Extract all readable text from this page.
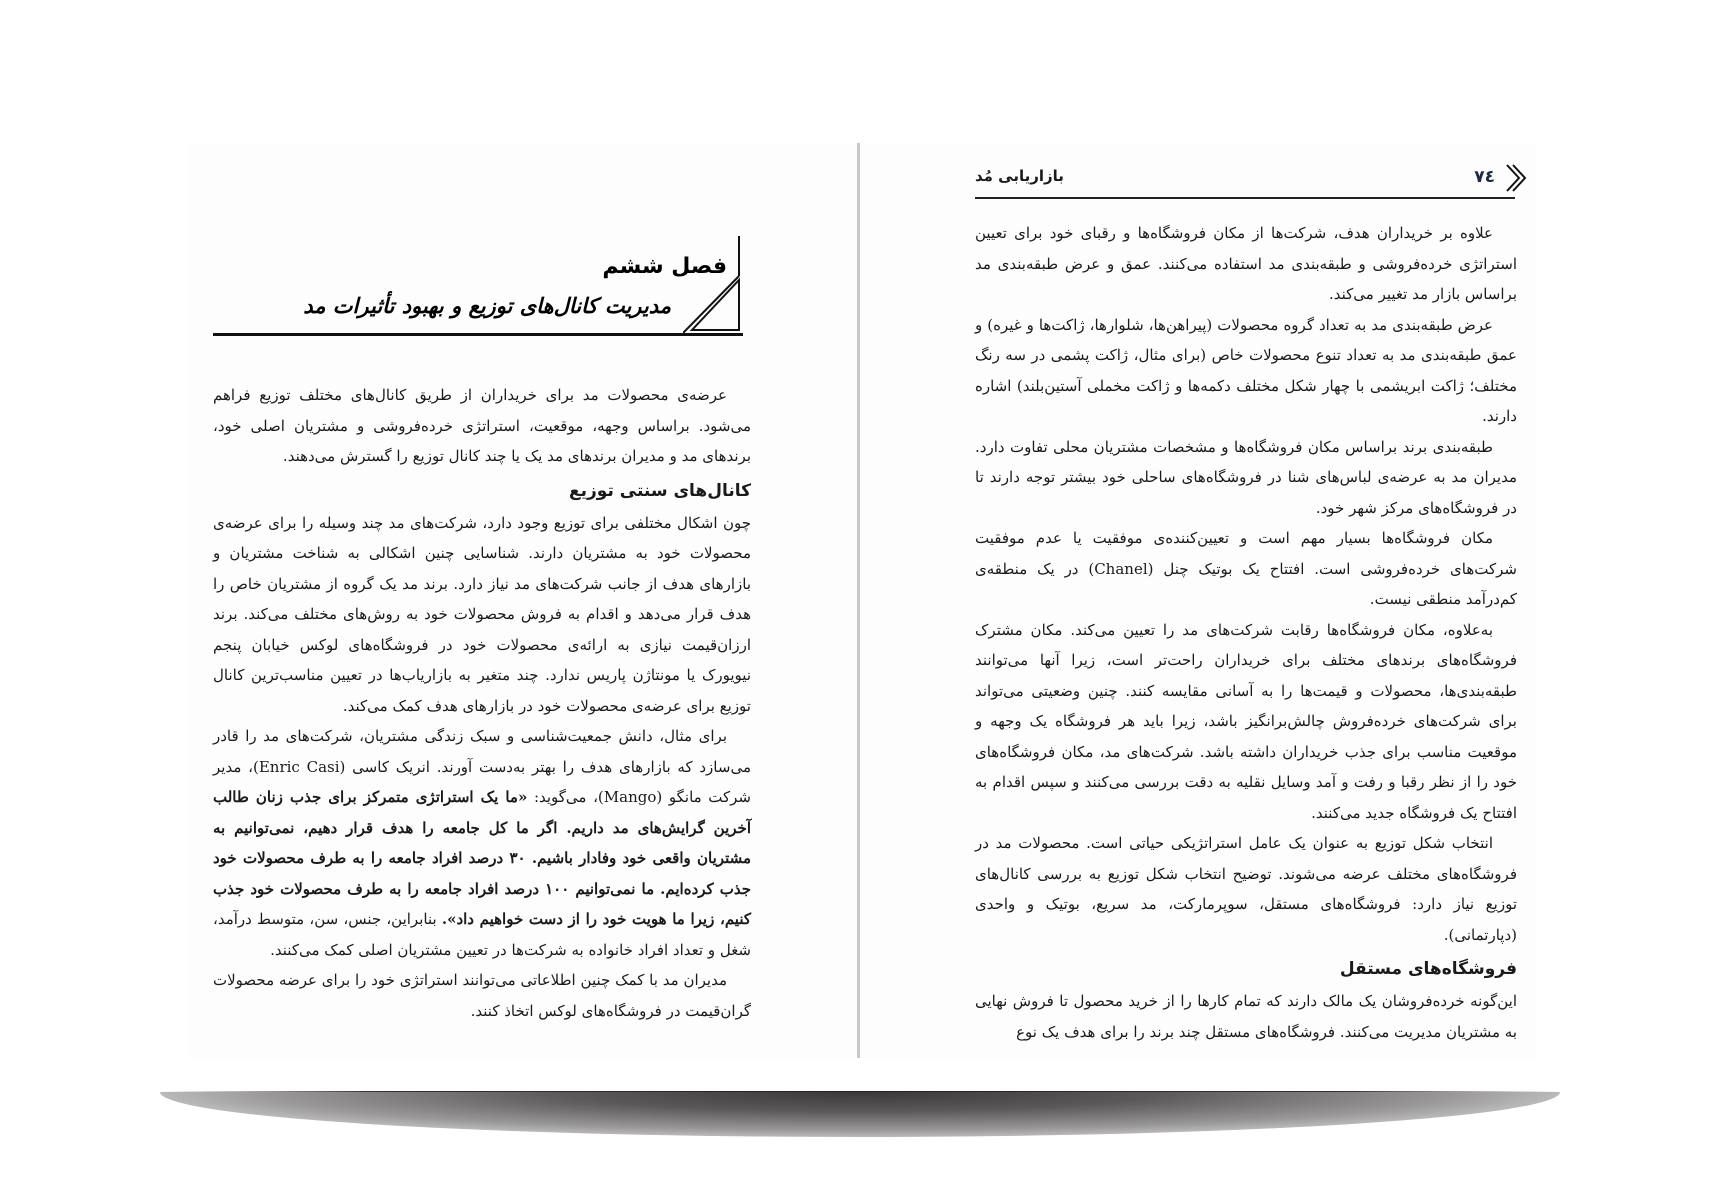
بازاریابی مُد	۷٤
فصل ششم
مدیریت کانال‌های توزیع و بهبود تأثیرات مد

عرضه‌ی محصولات مد برای خریداران از طریق کانال‌های مختلف توزیع فراهم می‌شود. براساس وجهه، موقعیت، استراتژی خرده‌فروشی و مشتریان اصلی خود، برندهای مد و مدیران برندهای مد یک یا چند کانال توزیع را گسترش می‌دهند.

کانال‌های سنتی توزیع

چون اشکال مختلفی برای توزیع وجود دارد، شرکت‌های مد چند وسیله را برای عرضه‌ی محصولات خود به مشتریان دارند. شناسایی چنین اشکالی به شناخت مشتریان و بازارهای هدف از جانب شرکت‌های مد نیاز دارد. برند مد یک گروه از مشتریان خاص را هدف قرار می‌دهد و اقدام به فروش محصولات خود به روش‌های مختلف می‌کند. برند ارزان‌قیمت نیازی به ارائه‌ی محصولات خود در فروشگاه‌های لوکس خیابان پنجم نیویورک یا مونتاژن پاریس ندارد. چند متغیر به بازاریاب‌ها در تعیین مناسب‌ترین کانال توزیع برای عرضه‌ی محصولات خود در بازارهای هدف کمک می‌کند.

برای مثال، دانش جمعیت‌شناسی و سبک زندگی مشتریان، شرکت‌های مد را قادر می‌سازد که بازارهای هدف را بهتر به‌دست آورند. انریک کاسی (Enric Casi)، مدیر شرکت مانگو (Mango)، می‌گوید: «ما یک استراتژی متمرکز برای جذب زنان طالب آخرین گرایش‌های مد داریم. اگر ما کل جامعه را هدف قرار دهیم، نمی‌توانیم به مشتریان واقعی خود وفادار باشیم. ۳۰ درصد افراد جامعه را به طرف محصولات خود جذب کرده‌ایم. ما نمی‌توانیم ۱۰۰ درصد افراد جامعه را به طرف محصولات خود جذب کنیم، زیرا ما هویت خود را از دست خواهیم داد». بنابراین، جنس، سن، متوسط درآمد، شغل و تعداد افراد خانواده به شرکت‌ها در تعیین مشتریان اصلی کمک می‌کنند.

مدیران مد با کمک چنین اطلاعاتی می‌توانند استراتژی خود را برای عرضه محصولات گران‌قیمت در فروشگاه‌های لوکس اتخاذ کنند.

علاوه بر خریداران هدف، شرکت‌ها از مکان فروشگاه‌ها و رقبای خود برای تعیین استراتژی خرده‌فروشی و طبقه‌بندی مد استفاده می‌کنند. عمق و عرض طبقه‌بندی مد براساس بازار مد تغییر می‌کند.

عرض طبقه‌بندی مد به تعداد گروه محصولات (پیراهن‌ها، شلوارها، ژاکت‌ها و غیره) و عمق طبقه‌بندی مد به تعداد تنوع محصولات خاص (برای مثال، ژاکت پشمی در سه رنگ مختلف؛ ژاکت ابریشمی با چهار شکل مختلف دکمه‌ها و ژاکت مخملی آستین‌بلند) اشاره دارند.

طبقه‌بندی برند براساس مکان فروشگاه‌ها و مشخصات مشتریان محلی تفاوت دارد. مدیران مد به عرضه‌ی لباس‌های شنا در فروشگاه‌های ساحلی خود بیشتر توجه دارند تا در فروشگاه‌های مرکز شهر خود.

مکان فروشگاه‌ها بسیار مهم است و تعیین‌کننده‌ی موفقیت یا عدم موفقیت شرکت‌های خرده‌فروشی است. افتتاح یک بوتیک چنل (Chanel) در یک منطقه‌ی کم‌درآمد منطقی نیست.

به‌علاوه، مکان فروشگاه‌ها رقابت شرکت‌های مد را تعیین می‌کند. مکان مشترک فروشگاه‌های برندهای مختلف برای خریداران راحت‌تر است، زیرا آنها می‌توانند طبقه‌بندی‌ها، محصولات و قیمت‌ها را به آسانی مقایسه کنند. چنین وضعیتی می‌تواند برای شرکت‌های خرده‌فروش چالش‌برانگیز باشد، زیرا باید هر فروشگاه یک وجهه و موقعیت مناسب برای جذب خریداران داشته باشد. شرکت‌های مد، مکان فروشگاه‌های خود را از نظر رقبا و رفت و آمد وسایل نقلیه به دقت بررسی می‌کنند و سپس اقدام به افتتاح یک فروشگاه جدید می‌کنند.

انتخاب شکل توزیع به عنوان یک عامل استراتژیکی حیاتی است. محصولات مد در فروشگاه‌های مختلف عرضه می‌شوند. توضیح انتخاب شکل توزیع به بررسی کانال‌های توزیع نیاز دارد: فروشگاه‌های مستقل، سوپرمارکت، مد سریع، بوتیک و واحدی (دپارتمانی).

فروشگاه‌های مستقل

این‌گونه خرده‌فروشان یک مالک دارند که تمام کارها را از خرید محصول تا فروش نهایی به مشتریان مدیریت می‌کنند. فروشگاه‌های مستقل چند برند را برای هدف یک نوع
